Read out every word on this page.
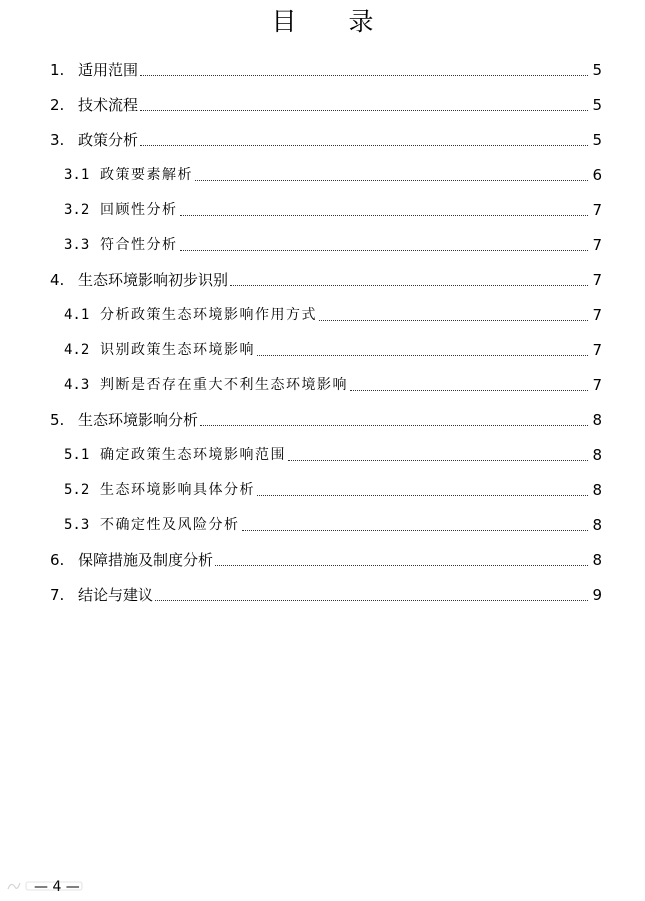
目 录
1. 适用范围	5
2. 技术流程	5
3. 政策分析	5
3.1 政策要素解析	6
3.2 回顾性分析	7
3.3 符合性分析	7
4. 生态环境影响初步识别	7
4.1 分析政策生态环境影响作用方式	7
4.2 识别政策生态环境影响	7
4.3 判断是否存在重大不利生态环境影响	7
5. 生态环境影响分析	8
5.1 确定政策生态环境影响范围	8
5.2 生态环境影响具体分析	8
5.3 不确定性及风险分析	8
6. 保障措施及制度分析	8
7. 结论与建议	9
— 4 —
